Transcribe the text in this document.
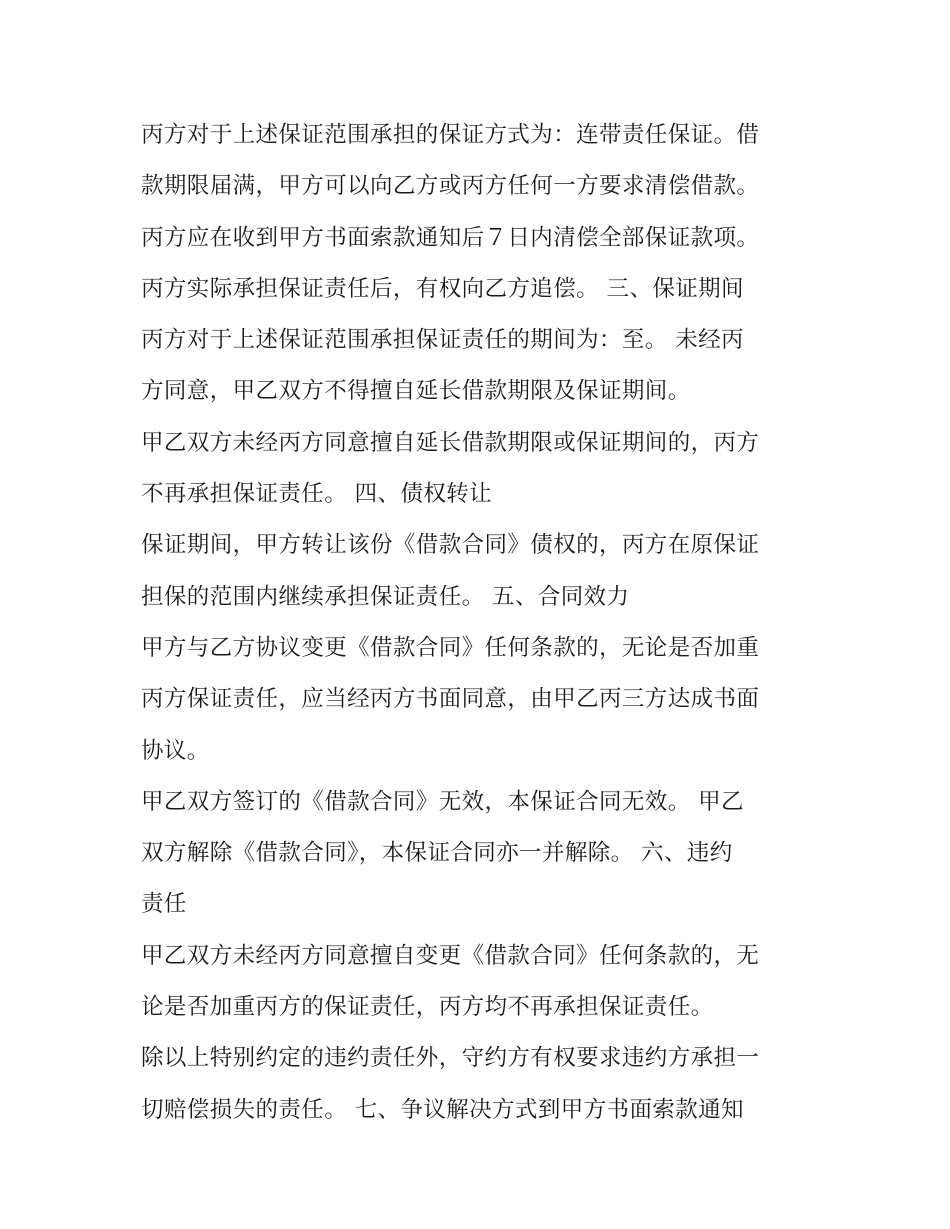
丙方对于上述保证范围承担的保证方式为：连带责任保证。借
款期限届满，甲方可以向乙方或丙方任何一方要求清偿借款。
丙方应在收到甲方书面索款通知后７日内清偿全部保证款项。
丙方实际承担保证责任后，有权向乙方追偿。 三、保证期间
丙方对于上述保证范围承担保证责任的期间为：至。 未经丙
方同意，甲乙双方不得擅自延长借款期限及保证期间。
甲乙双方未经丙方同意擅自延长借款期限或保证期间的，丙方
不再承担保证责任。 四、债权转让
保证期间，甲方转让该份《借款合同》债权的，丙方在原保证
担保的范围内继续承担保证责任。 五、合同效力
甲方与乙方协议变更《借款合同》任何条款的，无论是否加重
丙方保证责任，应当经丙方书面同意，由甲乙丙三方达成书面
协议。
甲乙双方签订的《借款合同》无效，本保证合同无效。 甲乙
双方解除《借款合同》，本保证合同亦一并解除。 六、违约
责任
甲乙双方未经丙方同意擅自变更《借款合同》任何条款的，无
论是否加重丙方的保证责任，丙方均不再承担保证责任。
除以上特别约定的违约责任外，守约方有权要求违约方承担一
切赔偿损失的责任。 七、争议解决方式到甲方书面索款通知
